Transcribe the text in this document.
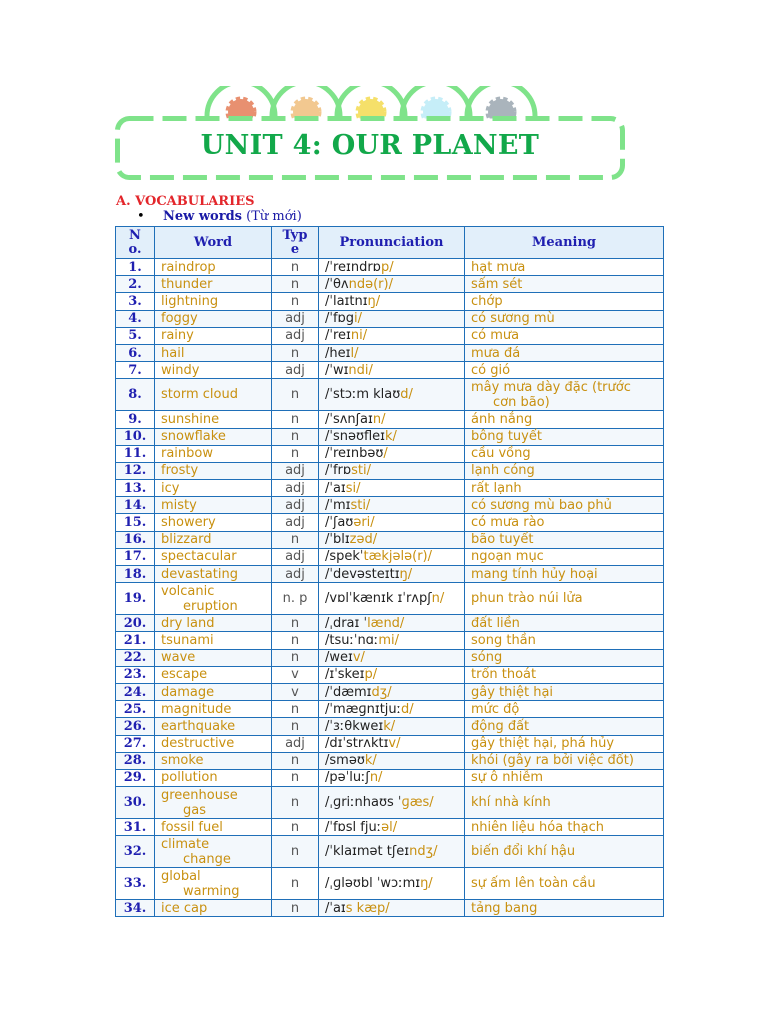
UNIT 4: OUR PLANET
A. VOCABULARIES
• New words (Từ mới)
No.	Word	Type	Pronunciation	Meaning
1.	raindrop	n	/ˈreɪndrɒp/	hạt mưa
2.	thunder	n	/ˈθʌndə(r)/	sấm sét
3.	lightning	n	/ˈlaɪtnɪŋ/	chớp
4.	foggy	adj	/ˈfɒgi/	có sương mù
5.	rainy	adj	/ˈreɪni/	có mưa
6.	hail	n	/heɪl/	mưa đá
7.	windy	adj	/ˈwɪndi/	có gió
8.	storm cloud	n	/ˈstɔːm klaʊd/	mây mưa dày đặc (trước
cơn bão)

9.	sunshine	n	/ˈsʌnʃaɪn/	ánh nắng
10.	snowflake	n	/ˈsnəʊfleɪk/	bông tuyết
11.	rainbow	n	/ˈreɪnbəʊ/	cầu vồng
12.	frosty	adj	/ˈfrɒsti/	lạnh cóng
13.	icy	adj	/ˈaɪsi/	rất lạnh
14.	misty	adj	/ˈmɪsti/	có sương mù bao phủ
15.	showery	adj	/ˈʃaʊəri/	có mưa rào
16.	blizzard	n	/ˈblɪzəd/	bão tuyết
17.	spectacular	adj	/spekˈtækjələ(r)/	ngoạn mục
18.	devastating	adj	/ˈdevəsteɪtɪŋ/	mang tính hủy hoại
19.	volcanic
eruption	n. p	/vɒlˈkænɪk ɪˈrʌpʃn/	phun trào núi lửa
20.	dry land	n	/ˌdraɪ ˈlænd/	đất liền
21.	tsunami	n	/tsuːˈnɑːmi/	song thần
22.	wave	n	/weɪv/	sóng
23.	escape	v	/ɪˈskeɪp/	trốn thoát
24.	damage	v	/ˈdæmɪdʒ/	gây thiệt hại
25.	magnitude	n	/ˈmæɡnɪtjuːd/	mức độ
26.	earthquake	n	/ˈɜːθkweɪk/	động đất
27.	destructive	adj	/dɪˈstrʌktɪv/	gây thiệt hại, phá hủy
28.	smoke	n	/sməʊk/	khói (gây ra bởi việc đốt)
29.	pollution	n	/pəˈluːʃn/	sự ô nhiễm
30.	greenhouse
gas	n	/ˌɡriːnhaʊs ˈɡæs/	khí nhà kính
31.	fossil fuel	n	/ˈfɒsl fjuːəl/	nhiên liệu hóa thạch
32.	climate
change	n	/ˈklaɪmət tʃeɪndʒ/	biến đổi khí hậu
33.	global
warming	n	/ˌɡləʊbl ˈwɔːmɪŋ/	sự ấm lên toàn cầu
34.	ice cap	n	/ˈaɪs kæp/	tảng bang
